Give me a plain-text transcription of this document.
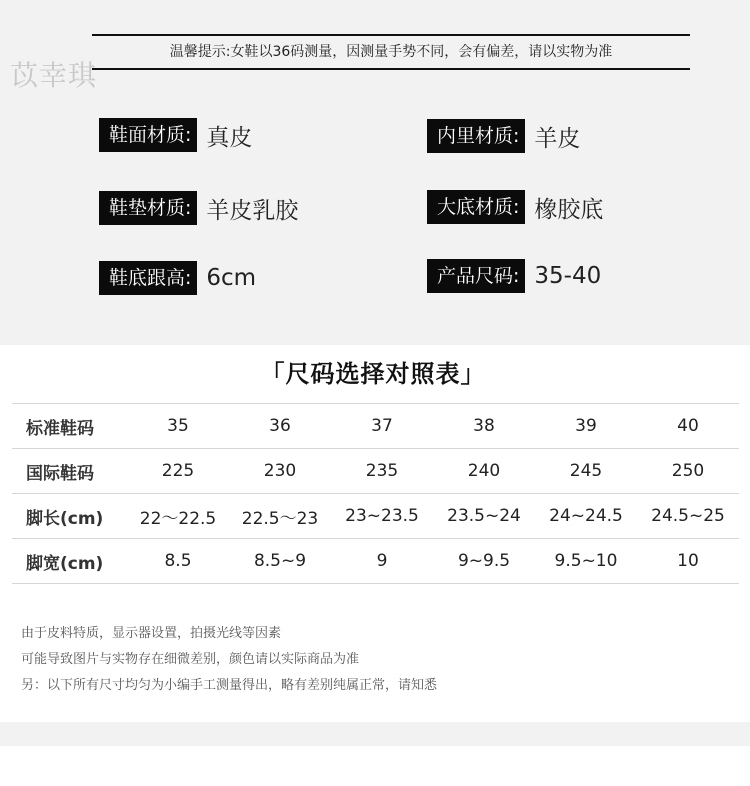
苡幸琪
温馨提示:女鞋以36码测量，因测量手势不同，会有偏差，请以实物为准
鞋面材质: 真皮	内里材质: 羊皮
鞋垫材质: 羊皮乳胶	大底材质: 橡胶底
鞋底跟高: 6cm	产品尺码: 35-40
「尺码选择对照表」
标准鞋码	35	36	37	38	39	40
国际鞋码	225	230	235	240	245	250
脚长(cm)	22～22.5	22.5～23	23~23.5	23.5~24	24~24.5	24.5~25
脚宽(cm)	8.5	8.5~9	9	9~9.5	9.5~10	10
由于皮料特质，显示器设置，拍摄光线等因素
可能导致图片与实物存在细微差别，颜色请以实际商品为准
另：以下所有尺寸均匀为小编手工测量得出，略有差别纯属正常，请知悉
